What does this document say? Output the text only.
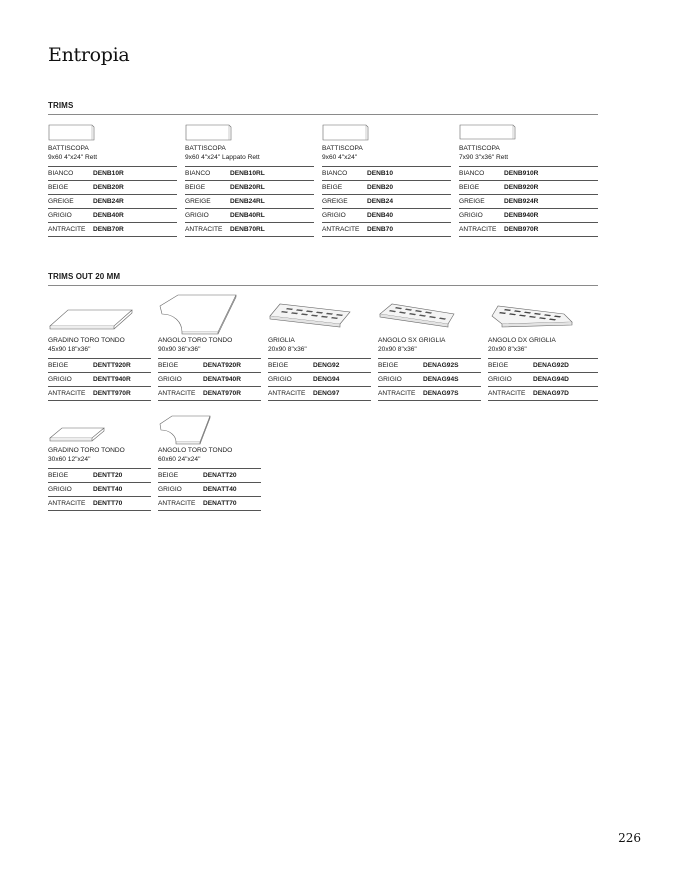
Entropia
TRIMS
BATTISCOPA
9x60 4"x24" Rett
BIANCO	DENB10R
BEIGE	DENB20R
GREIGE	DENB24R
GRIGIO	DENB40R
ANTRACITE	DENB70R
BATTISCOPA
9x60 4"x24" Lappato Rett
BIANCO	DENB10RL
BEIGE	DENB20RL
GREIGE	DENB24RL
GRIGIO	DENB40RL
ANTRACITE	DENB70RL
BATTISCOPA
9x60 4"x24"
BIANCO	DENB10
BEIGE	DENB20
GREIGE	DENB24
GRIGIO	DENB40
ANTRACITE	DENB70
BATTISCOPA
7x90 3"x36" Rett
BIANCO	DENB910R
BEIGE	DENB920R
GREIGE	DENB924R
GRIGIO	DENB940R
ANTRACITE	DENB970R
TRIMS OUT 20 MM
GRADINO TORO TONDO
45x90 18"x36"
BEIGE	DENTT920R
GRIGIO	DENTT940R
ANTRACITE	DENTT970R
ANGOLO TORO TONDO
90x90 36"x36"
BEIGE	DENAT920R
GRIGIO	DENAT940R
ANTRACITE	DENAT970R
GRIGLIA
20x90 8"x36"
BEIGE	DENG92
GRIGIO	DENG94
ANTRACITE	DENG97
ANGOLO SX GRIGLIA
20x90 8"x36"
BEIGE	DENAG92S
GRIGIO	DENAG94S
ANTRACITE	DENAG97S
ANGOLO DX GRIGLIA
20x90 8"x36"
BEIGE	DENAG92D
GRIGIO	DENAG94D
ANTRACITE	DENAG97D
GRADINO TORO TONDO
30x60 12"x24"
BEIGE	DENTT20
GRIGIO	DENTT40
ANTRACITE	DENTT70
ANGOLO TORO TONDO
60x60 24"x24"
BEIGE	DENATT20
GRIGIO	DENATT40
ANTRACITE	DENATT70
226
